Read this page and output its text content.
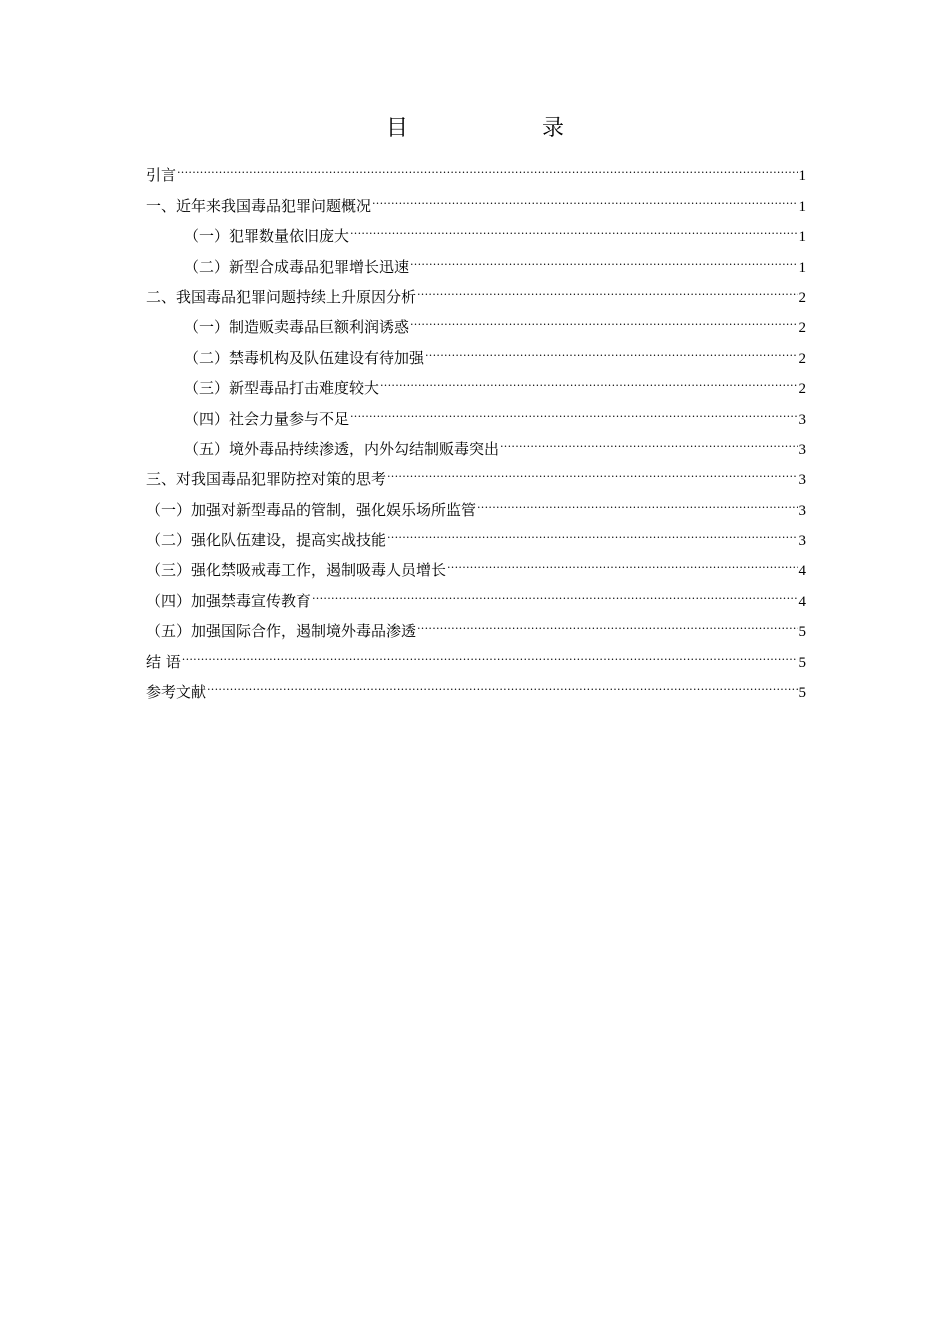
目	录
引言 .....	1
一、近年来我国毒品犯罪问题概况 .....	1
（一）犯罪数量依旧庞大 .....	1
（二）新型合成毒品犯罪增长迅速 .....	1
二、我国毒品犯罪问题持续上升原因分析 .....	2
（一）制造贩卖毒品巨额利润诱惑 .....	2
（二）禁毒机构及队伍建设有待加强 .....	2
（三）新型毒品打击难度较大 .....	2
（四）社会力量参与不足 .....	3
（五）境外毒品持续渗透，内外勾结制贩毒突出 .....	3
三、对我国毒品犯罪防控对策的思考 .....	3
（一）加强对新型毒品的管制，强化娱乐场所监管 .....	3
（二）强化队伍建设，提高实战技能 .....	3
（三）强化禁吸戒毒工作，遏制吸毒人员增长 .....	4
（四）加强禁毒宣传教育 .....	4
（五）加强国际合作，遏制境外毒品渗透 .....	5
结 语 .....	5
参考文献 .....	5
